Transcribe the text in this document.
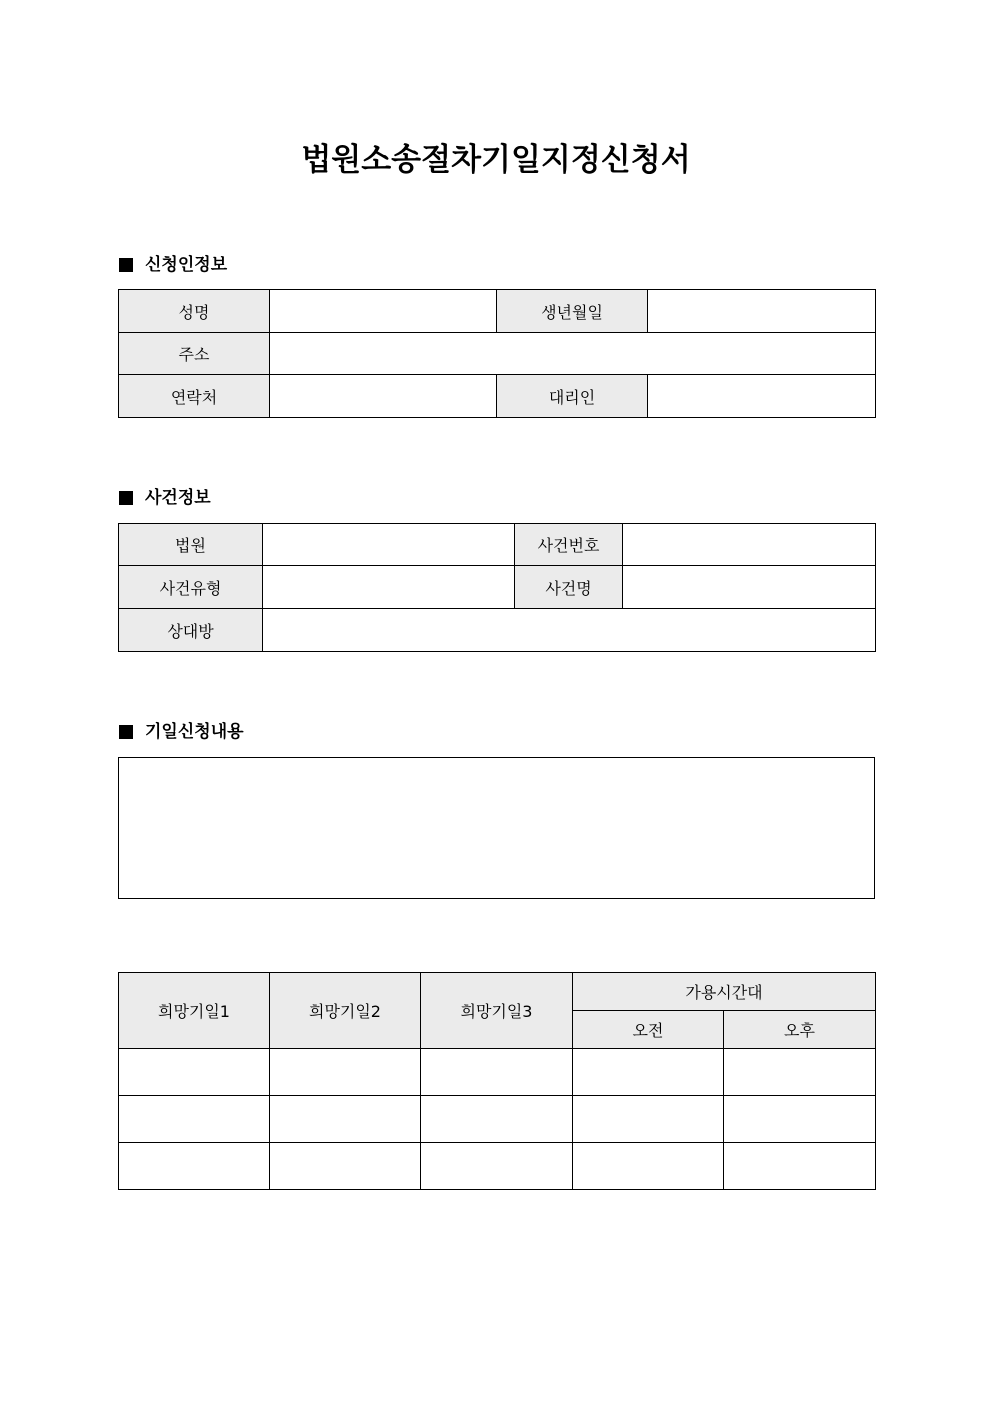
법원소송절차기일지정신청서
신청인정보
성명		생년월일	
주소			
연락처		대리인	
사건정보
법원		사건번호	
사건유형		사건명	
상대방			
기일신청내용
희망기일1	희망기일2	희망기일3	가용시간대	
			오전	오후
